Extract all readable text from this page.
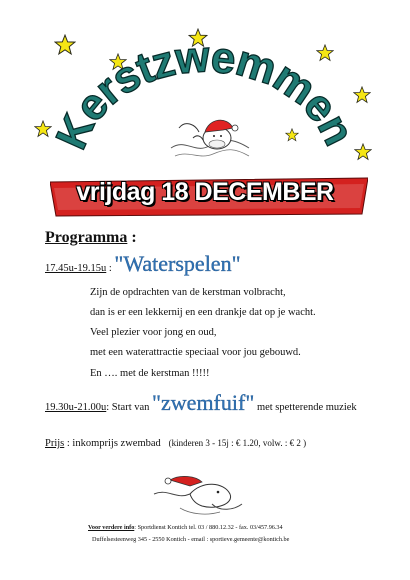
Kerstzwemmen
vrijdag 18 DECEMBER
Programma :
17.45u-19.15u : "Waterspelen"
Zijn de opdrachten van de kerstman volbracht,
dan is er een lekkernij en een drankje dat op je wacht.
Veel plezier voor jong en oud,
met een waterattractie speciaal voor jou gebouwd.
En …. met de kerstman !!!!!
19.30u-21.00u: Start van "zwemfuif" met spetterende muziek
Prijs : inkomprijs zwembad (kinderen 3 - 15j : € 1.20, volw. : € 2 )
Voor verdere info: Sportdienst Kontich tel. 03 / 880.12.32 - fax. 03/457.96.34
Duffelsesteenweg 345 - 2550 Kontich - email : sportieve.gemeente@kontich.be
